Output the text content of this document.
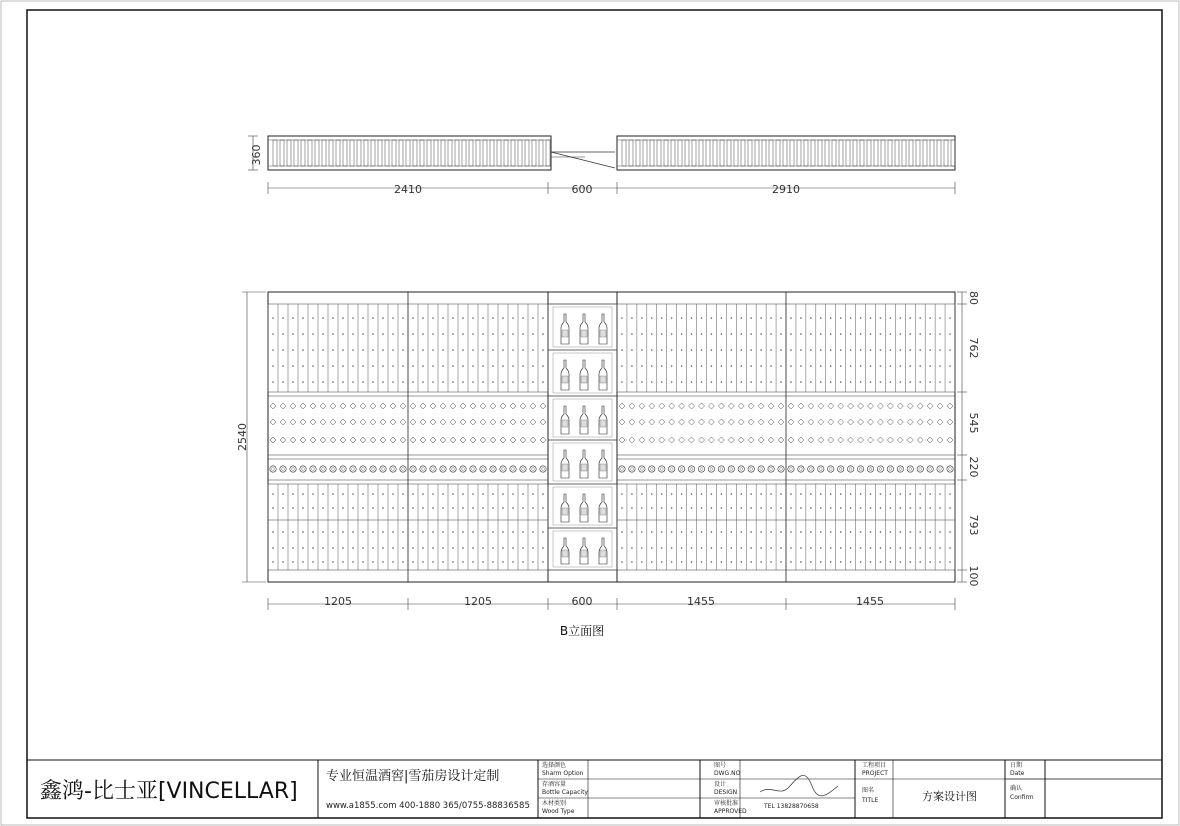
360
2410	600	2910
2540
80
762
545
220
793
100
1205	1205	600	1455	1455
B立面图
鑫鸿-比士亚[VINCELLAR]
专业恒温酒窖|雪茄房设计定制
www.a1855.com 400-1880 365/0755-88836585
选择颜色
Sharm Option
存酒容量
Bottle Capacity
木材类别
Wood Type
图号
DWG.NO
设计
DESIGN
审核批准
APPROVED
TEL 13828870658
工程项目
PROJECT
图名
TITLE	方案设计图
日期
Date
确认
Confirm
